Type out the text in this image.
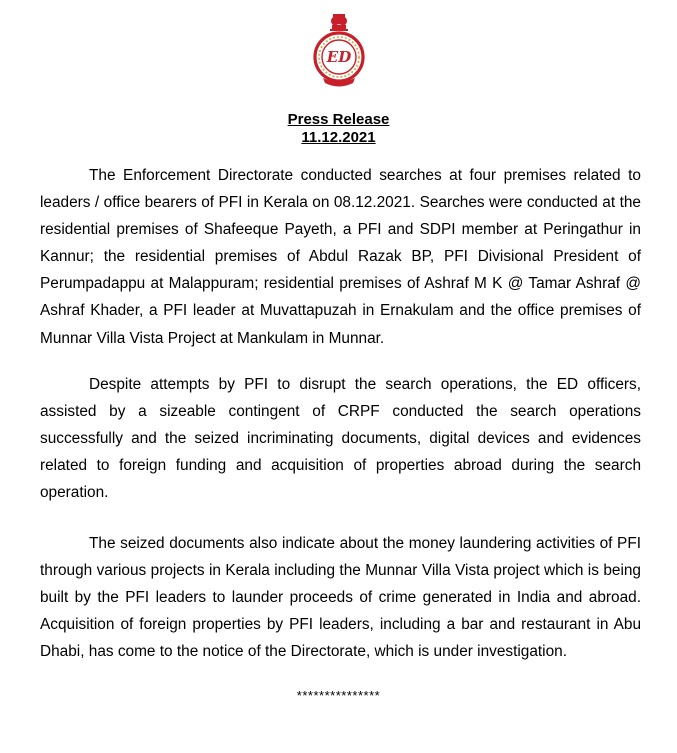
ED
Press Release
11.12.2021

The Enforcement Directorate conducted searches at four premises related to leaders / office bearers of PFI in Kerala on 08.12.2021. Searches were conducted at the residential premises of Shafeeque Payeth, a PFI and SDPI member at Peringathur in Kannur; the residential premises of Abdul Razak BP, PFI Divisional President of Perumpadappu at Malappuram; residential premises of Ashraf M K @ Tamar Ashraf @ Ashraf Khader, a PFI leader at Muvattapuzah in Ernakulam and the office premises of Munnar Villa Vista Project at Mankulam in Munnar.

Despite attempts by PFI to disrupt the search operations, the ED officers, assisted by a sizeable contingent of CRPF conducted the search operations successfully and the seized incriminating documents, digital devices and evidences related to foreign funding and acquisition of properties abroad during the search operation.

The seized documents also indicate about the money laundering activities of PFI through various projects in Kerala including the Munnar Villa Vista project which is being built by the PFI leaders to launder proceeds of crime generated in India and abroad. Acquisition of foreign properties by PFI leaders, including a bar and restaurant in Abu Dhabi, has come to the notice of the Directorate, which is under investigation.

***************
